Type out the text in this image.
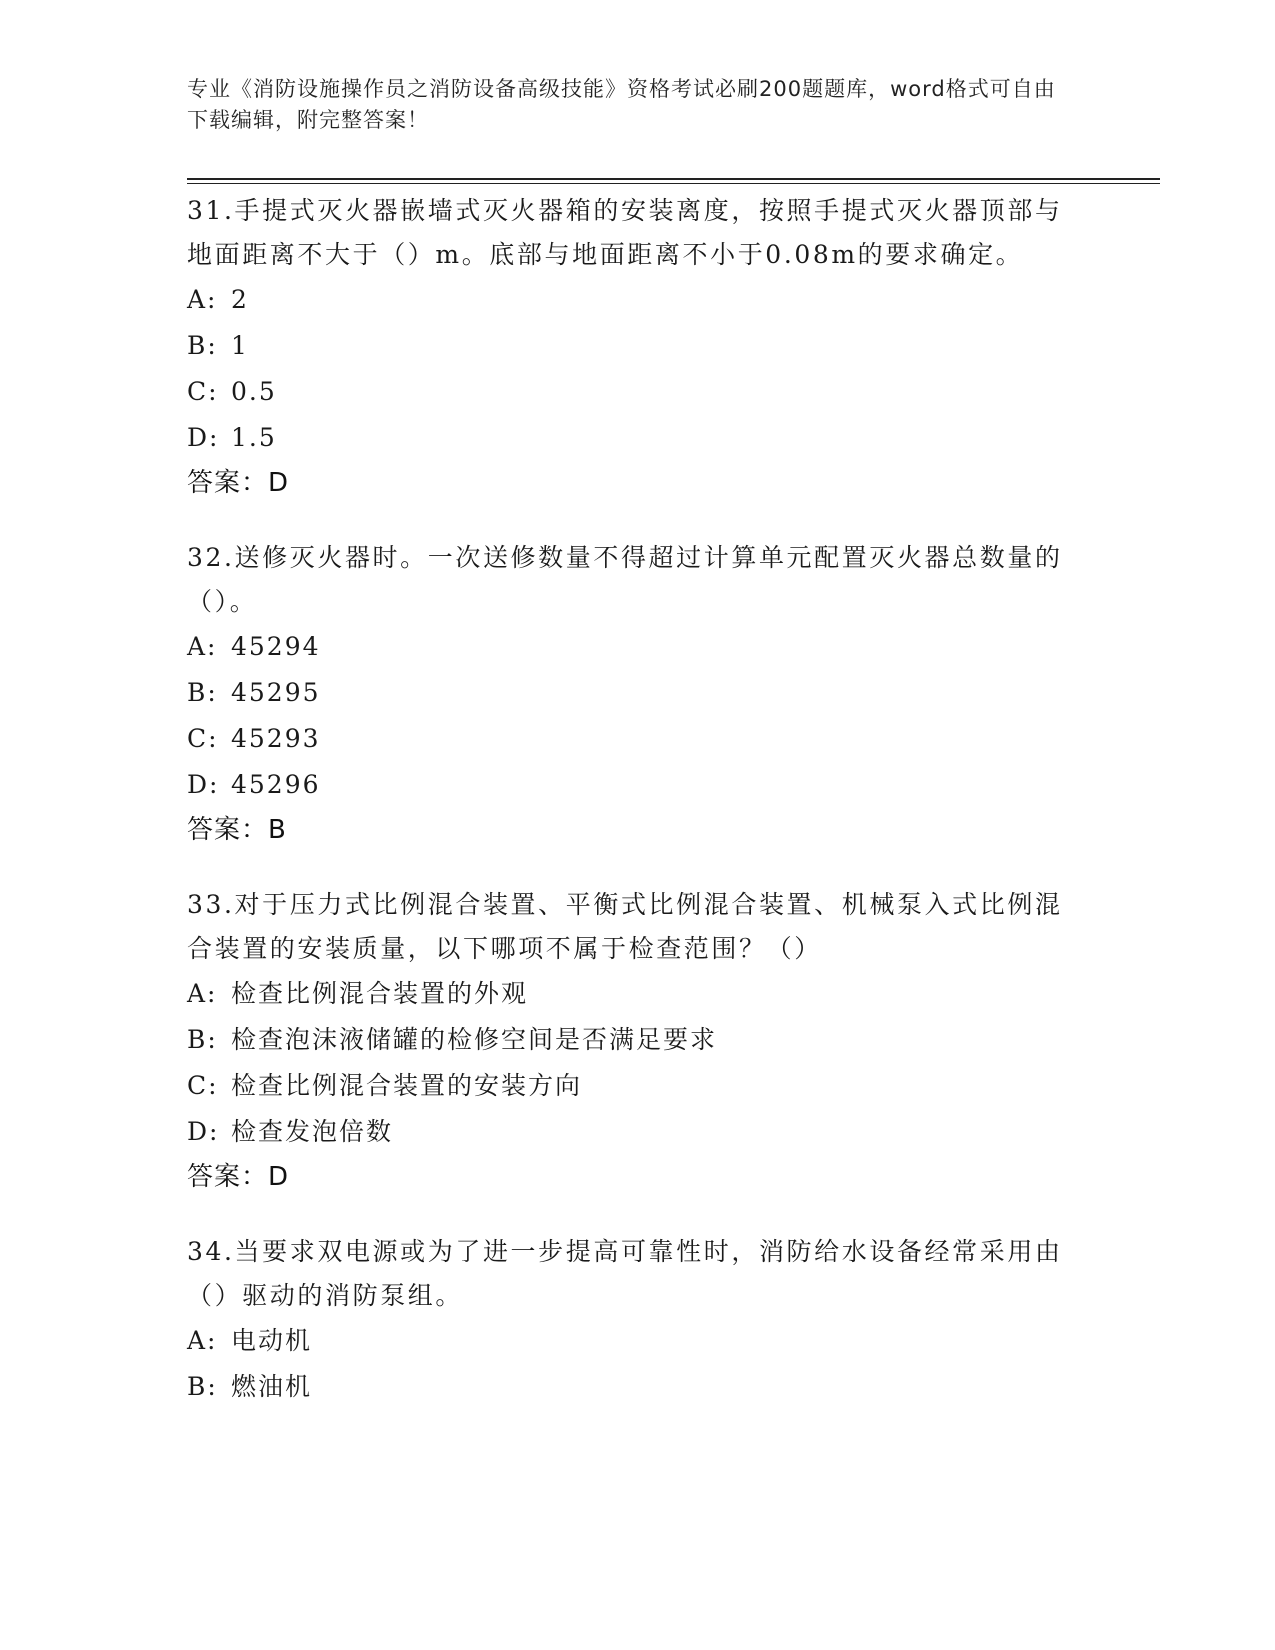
专业《消防设施操作员之消防设备高级技能》资格考试必刷200题题库，word格式可自由下载编辑，附完整答案！
31.手提式灭火器嵌墙式灭火器箱的安装离度，按照手提式灭火器顶部与地面距离不大于（）m。底部与地面距离不小于0.08m的要求确定。
A: 2
B: 1
C: 0.5
D: 1.5
答案：D
32.送修灭火器时。一次送修数量不得超过计算单元配置灭火器总数量的（）。
A: 45294
B: 45295
C: 45293
D: 45296
答案：B
33.对于压力式比例混合装置、平衡式比例混合装置、机械泵入式比例混合装置的安装质量，以下哪项不属于检查范围？（）
A: 检查比例混合装置的外观
B: 检查泡沫液储罐的检修空间是否满足要求
C: 检查比例混合装置的安装方向
D: 检查发泡倍数
答案：D
34.当要求双电源或为了进一步提高可靠性时，消防给水设备经常采用由（）驱动的消防泵组。
A: 电动机
B: 燃油机
